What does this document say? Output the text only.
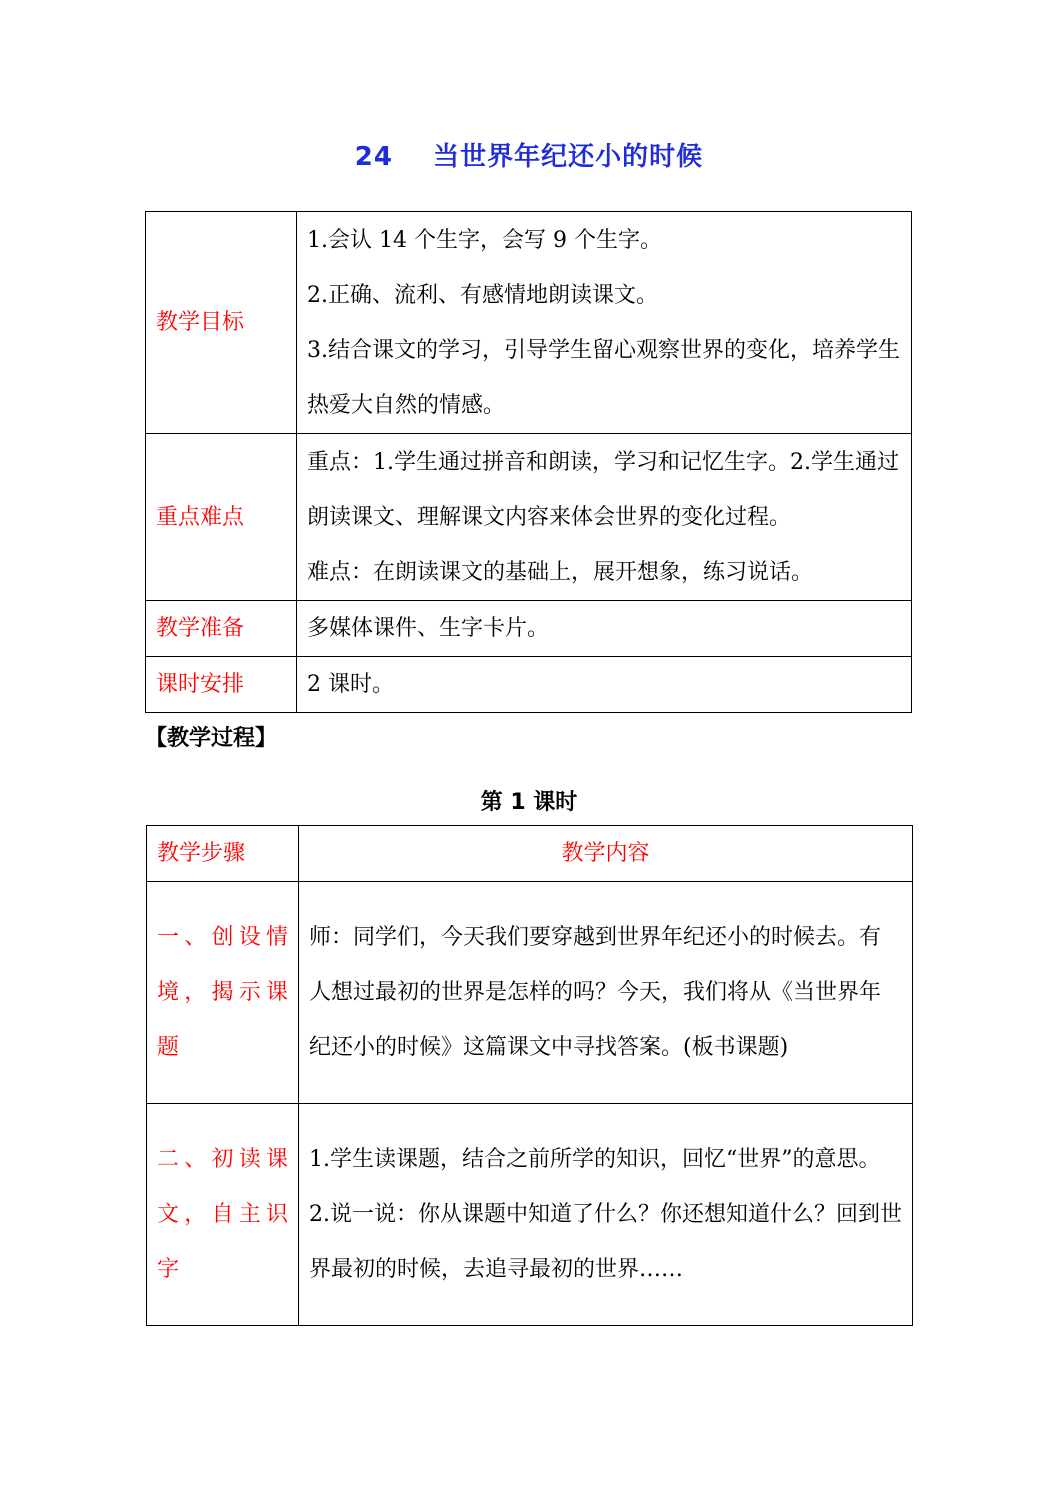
24    当世界年纪还小的时候
教学目标	1.会认 14 个生字，会写 9 个生字。

2.正确、流利、有感情地朗读课文。

3.结合课文的学习，引导学生留心观察世界的变化，培养学生热爱大自然的情感。

重点难点	重点：1.学生通过拼音和朗读，学习和记忆生字。2.学生通过朗读课文、理解课文内容来体会世界的变化过程。

难点：在朗读课文的基础上，展开想象，练习说话。

教学准备	多媒体课件、生字卡片。
课时安排	2 课时。
【教学过程】
第 1 课时
教学步骤	教学内容
一、创设情境，揭示课题	师：同学们，今天我们要穿越到世界年纪还小的时候去。有人想过最初的世界是怎样的吗？今天，我们将从《当世界年纪还小的时候》这篇课文中寻找答案。(板书课题)

二、初读课文，自主识字	1.学生读课题，结合之前所学的知识，回忆“世界”的意思。

2.说一说：你从课题中知道了什么？你还想知道什么？回到世界最初的时候，去追寻最初的世界……
